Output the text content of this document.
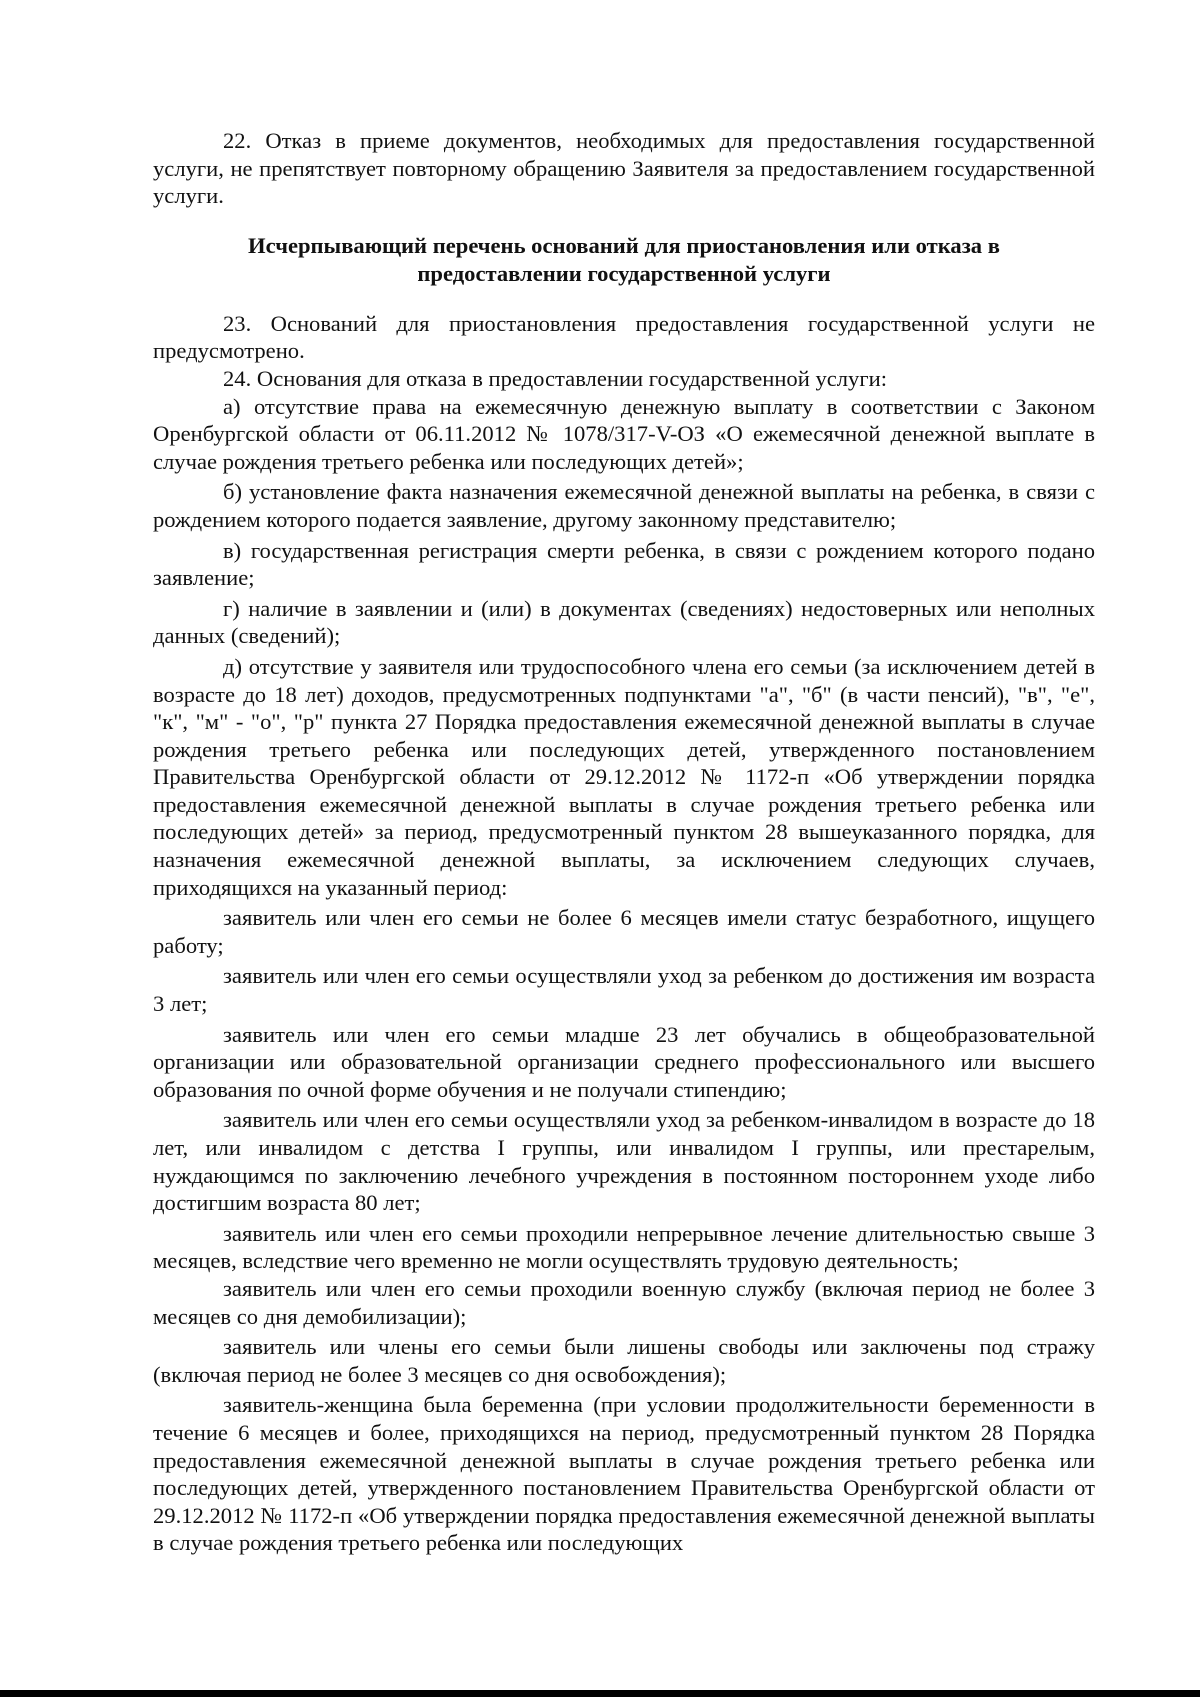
22. Отказ в приеме документов, необходимых для предоставления государственной услуги, не препятствует повторному обращению Заявителя за предоставлением государственной услуги.

Исчерпывающий перечень оснований для приостановления или отказа в
предоставлении государственной услуги

23. Оснований для приостановления предоставления государственной услуги не предусмотрено.

24. Основания для отказа в предоставлении государственной услуги:

а) отсутствие права на ежемесячную денежную выплату в соответствии с Законом Оренбургской области от 06.11.2012 № 1078/317-V-ОЗ «О ежемесячной денежной выплате в случае рождения третьего ребенка или последующих детей»;

б) установление факта назначения ежемесячной денежной выплаты на ребенка, в связи с рождением которого подается заявление, другому законному представителю;

в) государственная регистрация смерти ребенка, в связи с рождением которого подано заявление;

г) наличие в заявлении и (или) в документах (сведениях) недостоверных или неполных данных (сведений);

д) отсутствие у заявителя или трудоспособного члена его семьи (за исключением детей в возрасте до 18 лет) доходов, предусмотренных подпунктами "а", "б" (в части пенсий), "в", "е", "к", "м" - "о", "р" пункта 27 Порядка предоставления ежемесячной денежной выплаты в случае рождения третьего ребенка или последующих детей, утвержденного постановлением Правительства Оренбургской области от 29.12.2012 № 1172-п «Об утверждении порядка предоставления ежемесячной денежной выплаты в случае рождения третьего ребенка или последующих детей» за период, предусмотренный пунктом 28 вышеуказанного порядка, для назначения ежемесячной денежной выплаты, за исключением следующих случаев, приходящихся на указанный период:

заявитель или член его семьи не более 6 месяцев имели статус безработного, ищущего работу;

заявитель или член его семьи осуществляли уход за ребенком до достижения им возраста 3 лет;

заявитель или член его семьи младше 23 лет обучались в общеобразовательной организации или образовательной организации среднего профессионального или высшего образования по очной форме обучения и не получали стипендию;

заявитель или член его семьи осуществляли уход за ребенком-инвалидом в возрасте до 18 лет, или инвалидом с детства I группы, или инвалидом I группы, или престарелым, нуждающимся по заключению лечебного учреждения в постоянном постороннем уходе либо достигшим возраста 80 лет;

заявитель или член его семьи проходили непрерывное лечение длительностью свыше 3 месяцев, вследствие чего временно не могли осуществлять трудовую деятельность;

заявитель или член его семьи проходили военную службу (включая период не более 3 месяцев со дня демобилизации);

заявитель или члены его семьи были лишены свободы или заключены под стражу (включая период не более 3 месяцев со дня освобождения);

заявитель-женщина была беременна (при условии продолжительности беременности в течение 6 месяцев и более, приходящихся на период, предусмотренный пунктом 28 Порядка предоставления ежемесячной денежной выплаты в случае рождения третьего ребенка или последующих детей, утвержденного постановлением Правительства Оренбургской области от 29.12.2012 № 1172-п «Об утверждении порядка предоставления ежемесячной денежной выплаты в случае рождения третьего ребенка или последующих
